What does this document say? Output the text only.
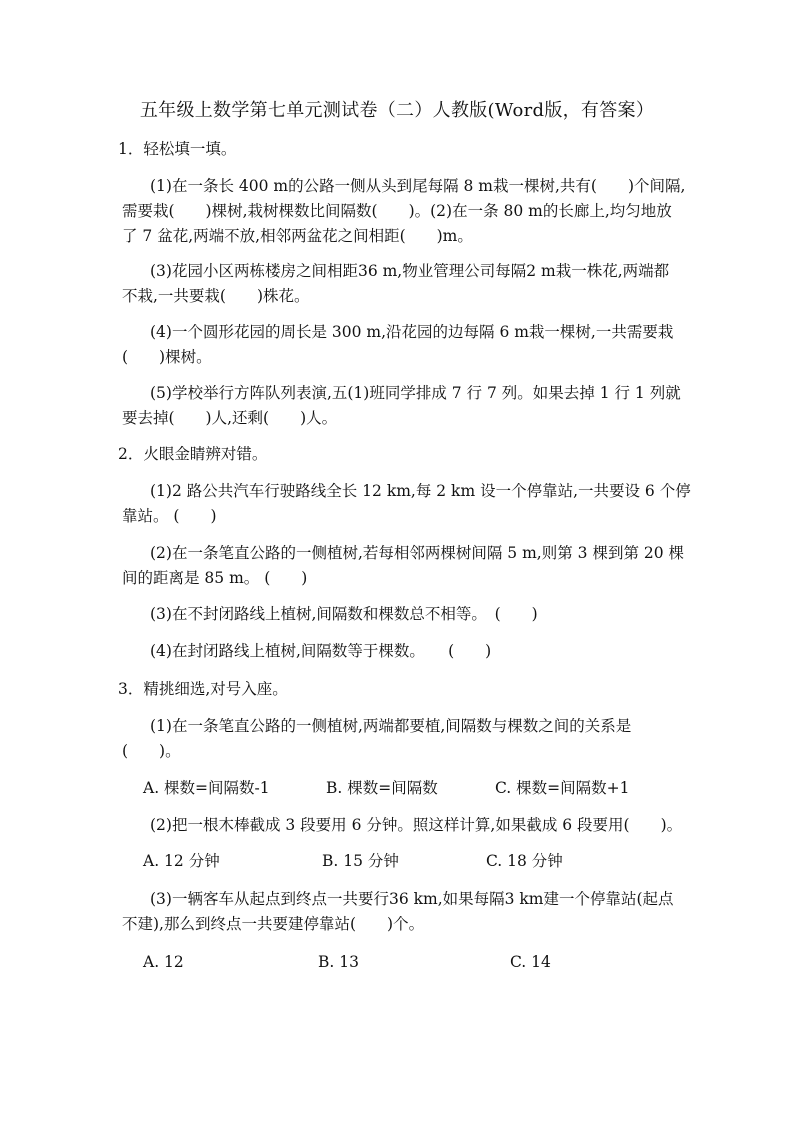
五年级上数学第七单元测试卷（二）人教版(Word版，有答案）
1．轻松填一填。
(1)在一条长 400 m的公路一侧从头到尾每隔 8 m栽一棵树,共有(　　)个间隔,
需要栽(　　)棵树,栽树棵数比间隔数(　　)。(2)在一条 80 m的长廊上,均匀地放
了 7 盆花,两端不放,相邻两盆花之间相距(　　)m。
(3)花园小区两栋楼房之间相距36 m,物业管理公司每隔2 m栽一株花,两端都
不栽,一共要栽(　　)株花。
(4)一个圆形花园的周长是 300 m,沿花园的边每隔 6 m栽一棵树,一共需要栽
(　　)棵树。
(5)学校举行方阵队列表演,五(1)班同学排成 7 行 7 列。如果去掉 1 行 1 列就
要去掉(　　)人,还剩(　　)人。
2．火眼金睛辨对错。
(1)2 路公共汽车行驶路线全长 12 km,每 2 km 设一个停靠站,一共要设 6 个停
靠站。 (　　)
(2)在一条笔直公路的一侧植树,若每相邻两棵树间隔 5 m,则第 3 棵到第 20 棵
间的距离是 85 m。 (　　)
(3)在不封闭路线上植树,间隔数和棵数总不相等。　(　　)
(4)在封闭路线上植树,间隔数等于棵数。　　(　　)
3．精挑细选,对号入座。
(1)在一条笔直公路的一侧植树,两端都要植,间隔数与棵数之间的关系是
(　　)。
A. 棵数=间隔数-1	B. 棵数=间隔数	C. 棵数=间隔数+1
(2)把一根木棒截成 3 段要用 6 分钟。照这样计算,如果截成 6 段要用(　　)。
A. 12 分钟	B. 15 分钟	C. 18 分钟
(3)一辆客车从起点到终点一共要行36 km,如果每隔3 km建一个停靠站(起点
不建),那么到终点一共要建停靠站(　　)个。
A. 12	B. 13	C. 14
